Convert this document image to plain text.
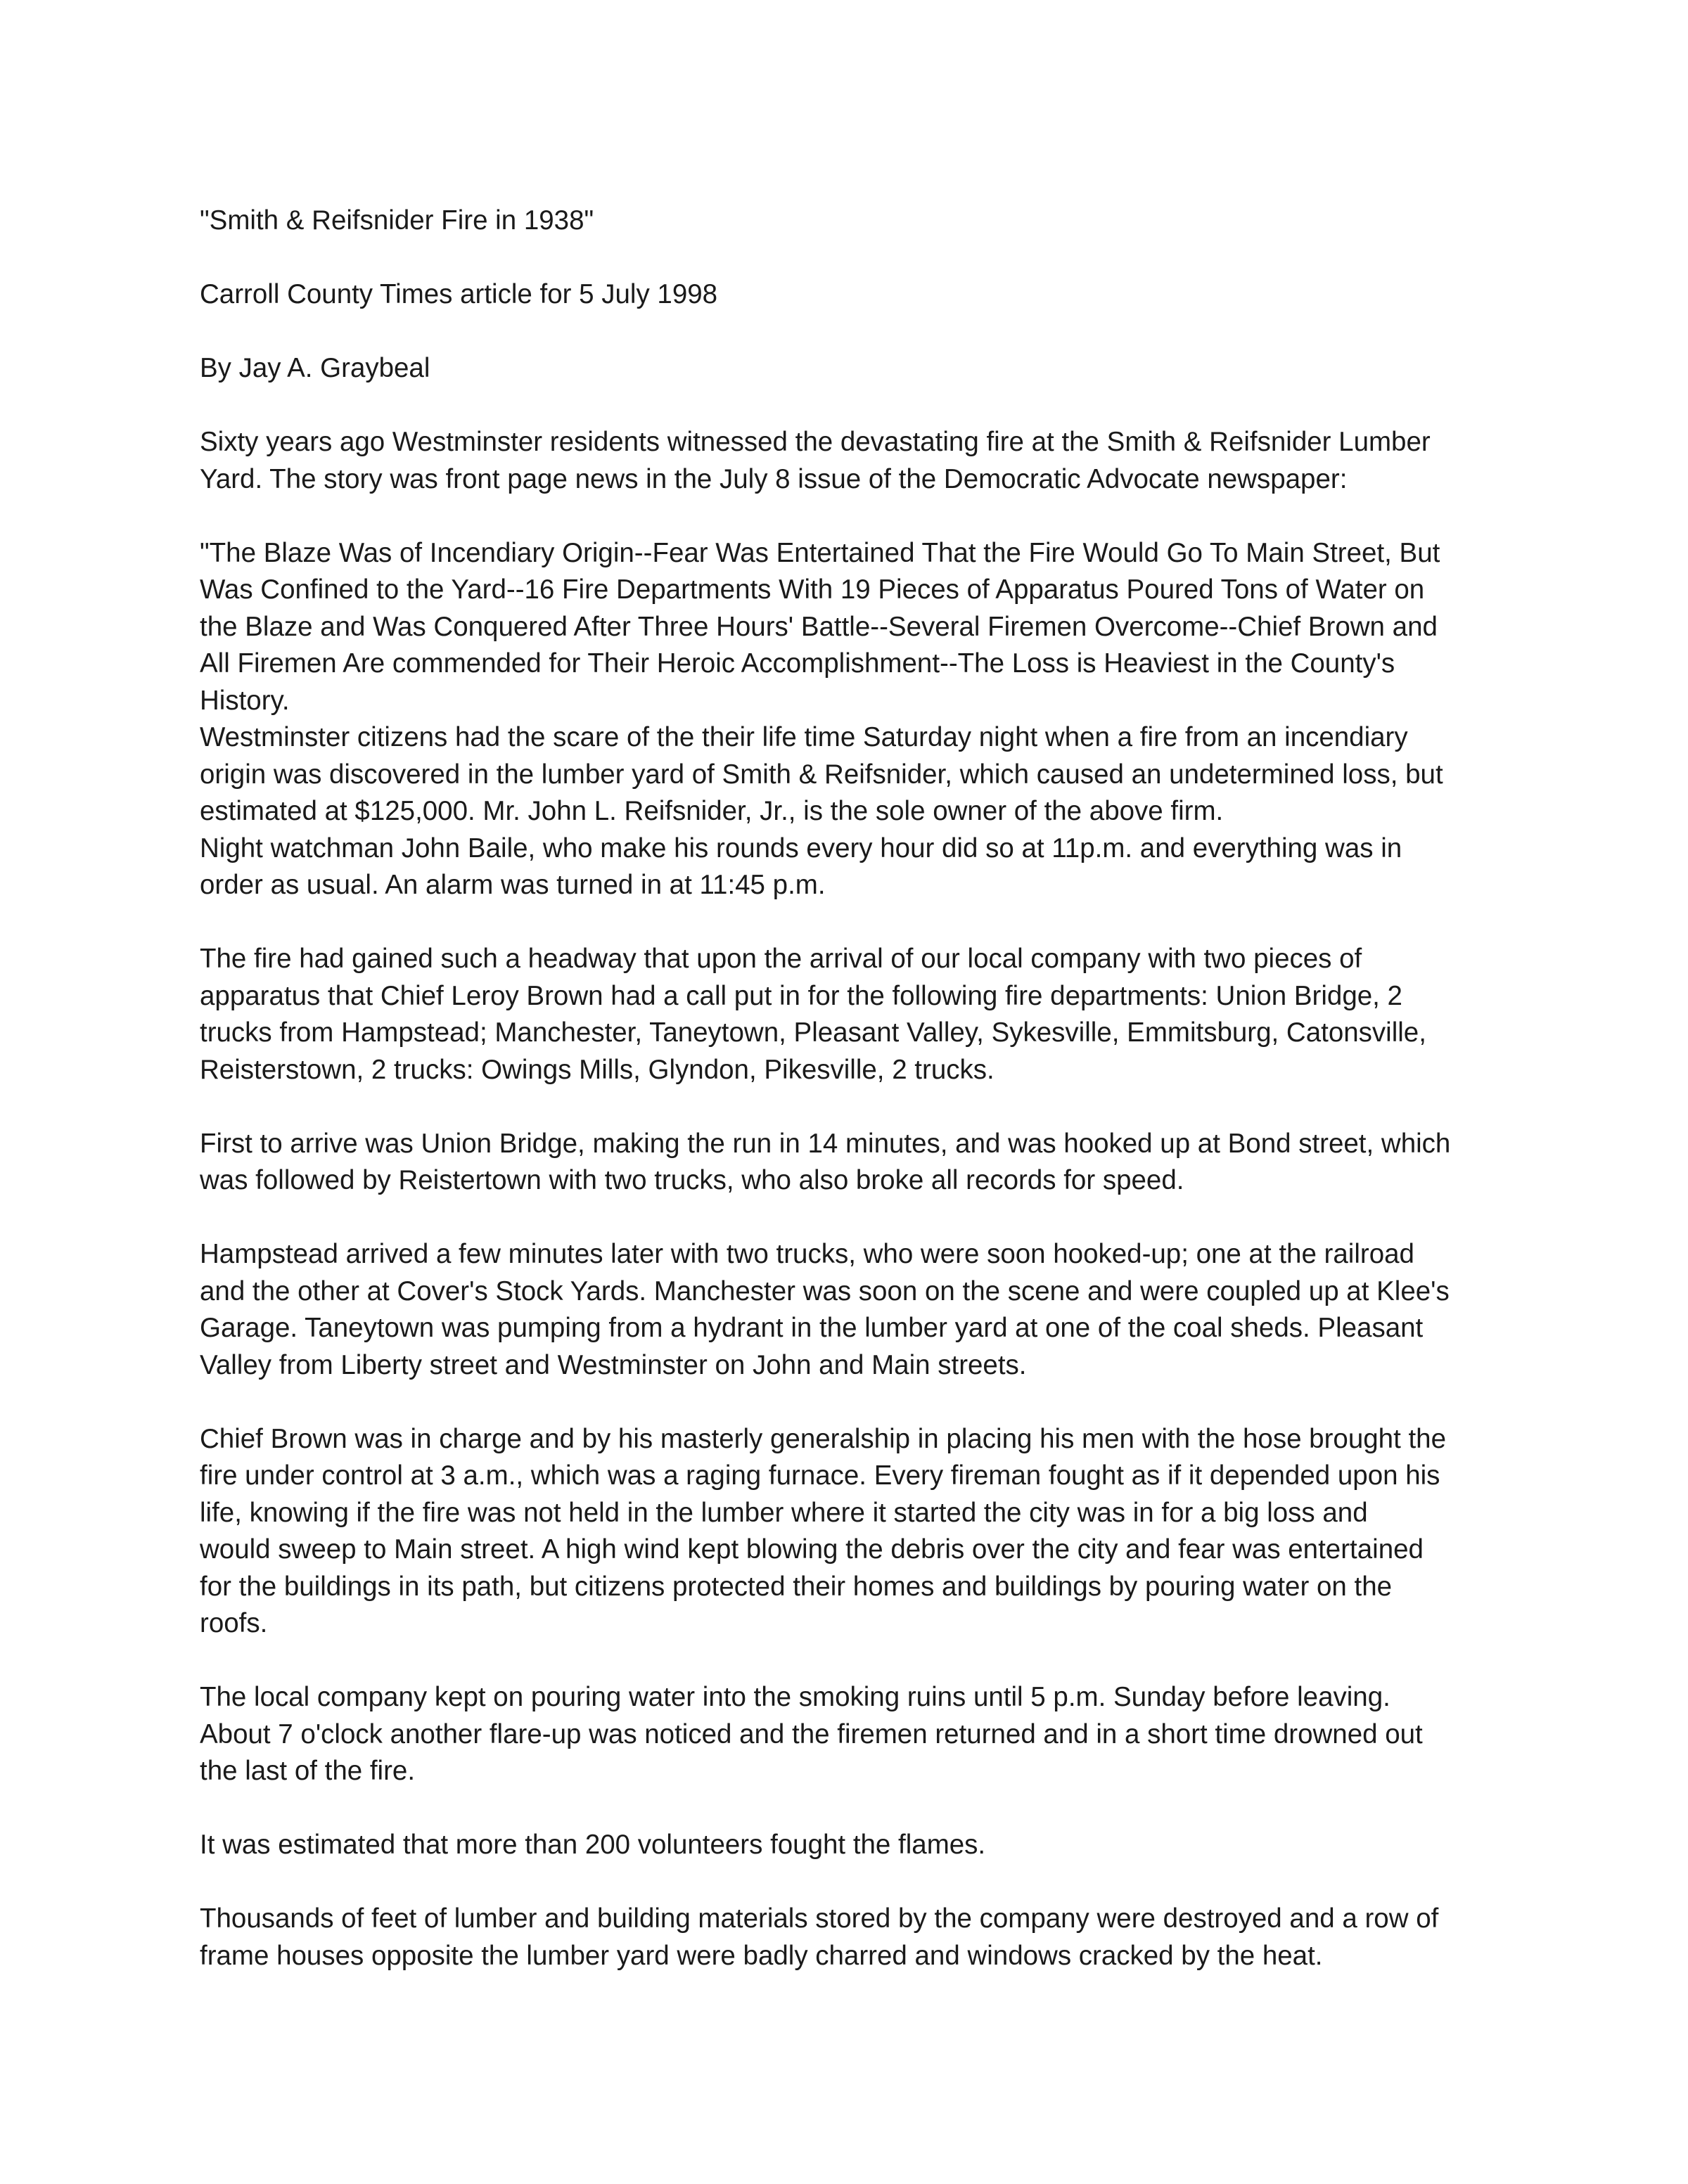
"Smith & Reifsnider Fire in 1938"
Carroll County Times article for 5 July 1998
By Jay A. Graybeal
Sixty years ago Westminster residents witnessed the devastating fire at the Smith & Reifsnider Lumber
Yard. The story was front page news in the July 8 issue of the Democratic Advocate newspaper:
"The Blaze Was of Incendiary Origin--Fear Was Entertained That the Fire Would Go To Main Street, But
Was Confined to the Yard--16 Fire Departments With 19 Pieces of Apparatus Poured Tons of Water on
the Blaze and Was Conquered After Three Hours' Battle--Several Firemen Overcome--Chief Brown and
All Firemen Are commended for Their Heroic Accomplishment--The Loss is Heaviest in the County's
History.
Westminster citizens had the scare of the their life time Saturday night when a fire from an incendiary
origin was discovered in the lumber yard of Smith & Reifsnider, which caused an undetermined loss, but
estimated at $125,000. Mr. John L. Reifsnider, Jr., is the sole owner of the above firm.
Night watchman John Baile, who make his rounds every hour did so at 11p.m. and everything was in
order as usual. An alarm was turned in at 11:45 p.m.
The fire had gained such a headway that upon the arrival of our local company with two pieces of
apparatus that Chief Leroy Brown had a call put in for the following fire departments: Union Bridge, 2
trucks from Hampstead; Manchester, Taneytown, Pleasant Valley, Sykesville, Emmitsburg, Catonsville,
Reisterstown, 2 trucks: Owings Mills, Glyndon, Pikesville, 2 trucks.
First to arrive was Union Bridge, making the run in 14 minutes, and was hooked up at Bond street, which
was followed by Reistertown with two trucks, who also broke all records for speed.
Hampstead arrived a few minutes later with two trucks, who were soon hooked-up; one at the railroad
and the other at Cover's Stock Yards. Manchester was soon on the scene and were coupled up at Klee's
Garage. Taneytown was pumping from a hydrant in the lumber yard at one of the coal sheds. Pleasant
Valley from Liberty street and Westminster on John and Main streets.
Chief Brown was in charge and by his masterly generalship in placing his men with the hose brought the
fire under control at 3 a.m., which was a raging furnace. Every fireman fought as if it depended upon his
life, knowing if the fire was not held in the lumber where it started the city was in for a big loss and
would sweep to Main street. A high wind kept blowing the debris over the city and fear was entertained
for the buildings in its path, but citizens protected their homes and buildings by pouring water on the
roofs.
The local company kept on pouring water into the smoking ruins until 5 p.m. Sunday before leaving.
About 7 o'clock another flare-up was noticed and the firemen returned and in a short time drowned out
the last of the fire.
It was estimated that more than 200 volunteers fought the flames.
Thousands of feet of lumber and building materials stored by the company were destroyed and a row of
frame houses opposite the lumber yard were badly charred and windows cracked by the heat.
